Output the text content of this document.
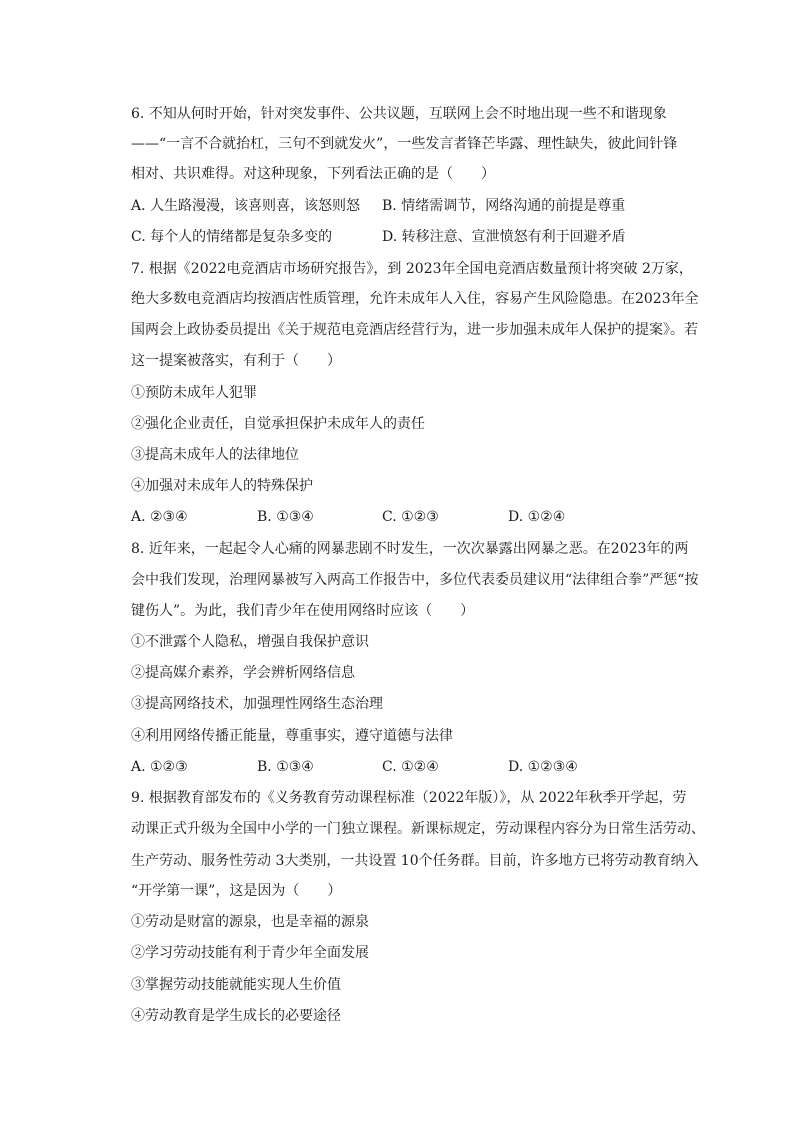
6. 不知从何时开始，针对突发事件、公共议题，互联网上会不时地出现一些不和谐现象
——“一言不合就抬杠，三句不到就发火”，一些发言者锋芒毕露、理性缺失，彼此间针锋
相对、共识难得。对这种现象，下列看法正确的是（　　）
A. 人生路漫漫，该喜则喜，该怒则怒 B. 情绪需调节，网络沟通的前提是尊重
C. 每个人的情绪都是复杂多变的	D. 转移注意、宣泄愤怒有利于回避矛盾
7. 根据《2022电竞酒店市场研究报告》，到 2023年全国电竞酒店数量预计将突破 2万家，
绝大多数电竞酒店均按酒店性质管理，允许未成年人入住，容易产生风险隐患。在2023年全
国两会上政协委员提出《关于规范电竞酒店经营行为，进一步加强未成年人保护的提案》。若
这一提案被落实，有利于（　　）
①预防未成年人犯罪
②强化企业责任，自觉承担保护未成年人的责任
③提高未成年人的法律地位
④加强对未成年人的特殊保护
A. ②③④	B. ①③④	C. ①②③	D. ①②④
8. 近年来，一起起令人心痛的网暴悲剧不时发生，一次次暴露出网暴之恶。在2023年的两
会中我们发现，治理网暴被写入两高工作报告中，多位代表委员建议用“法律组合拳”严惩“按
键伤人”。为此，我们青少年在使用网络时应该（　　）
①不泄露个人隐私，增强自我保护意识
②提高媒介素养，学会辨析网络信息
③提高网络技术，加强理性网络生态治理
④利用网络传播正能量，尊重事实，遵守道德与法律
A. ①②③	B. ①③④	C. ①②④	D. ①②③④
9. 根据教育部发布的《义务教育劳动课程标准（2022年版）》，从 2022年秋季开学起，劳
动课正式升级为全国中小学的一门独立课程。新课标规定，劳动课程内容分为日常生活劳动、
生产劳动、服务性劳动 3大类别，一共设置 10个任务群。目前，许多地方已将劳动教育纳入
“开学第一课”，这是因为（　　）
①劳动是财富的源泉，也是幸福的源泉
②学习劳动技能有利于青少年全面发展
③掌握劳动技能就能实现人生价值
④劳动教育是学生成长的必要途径
